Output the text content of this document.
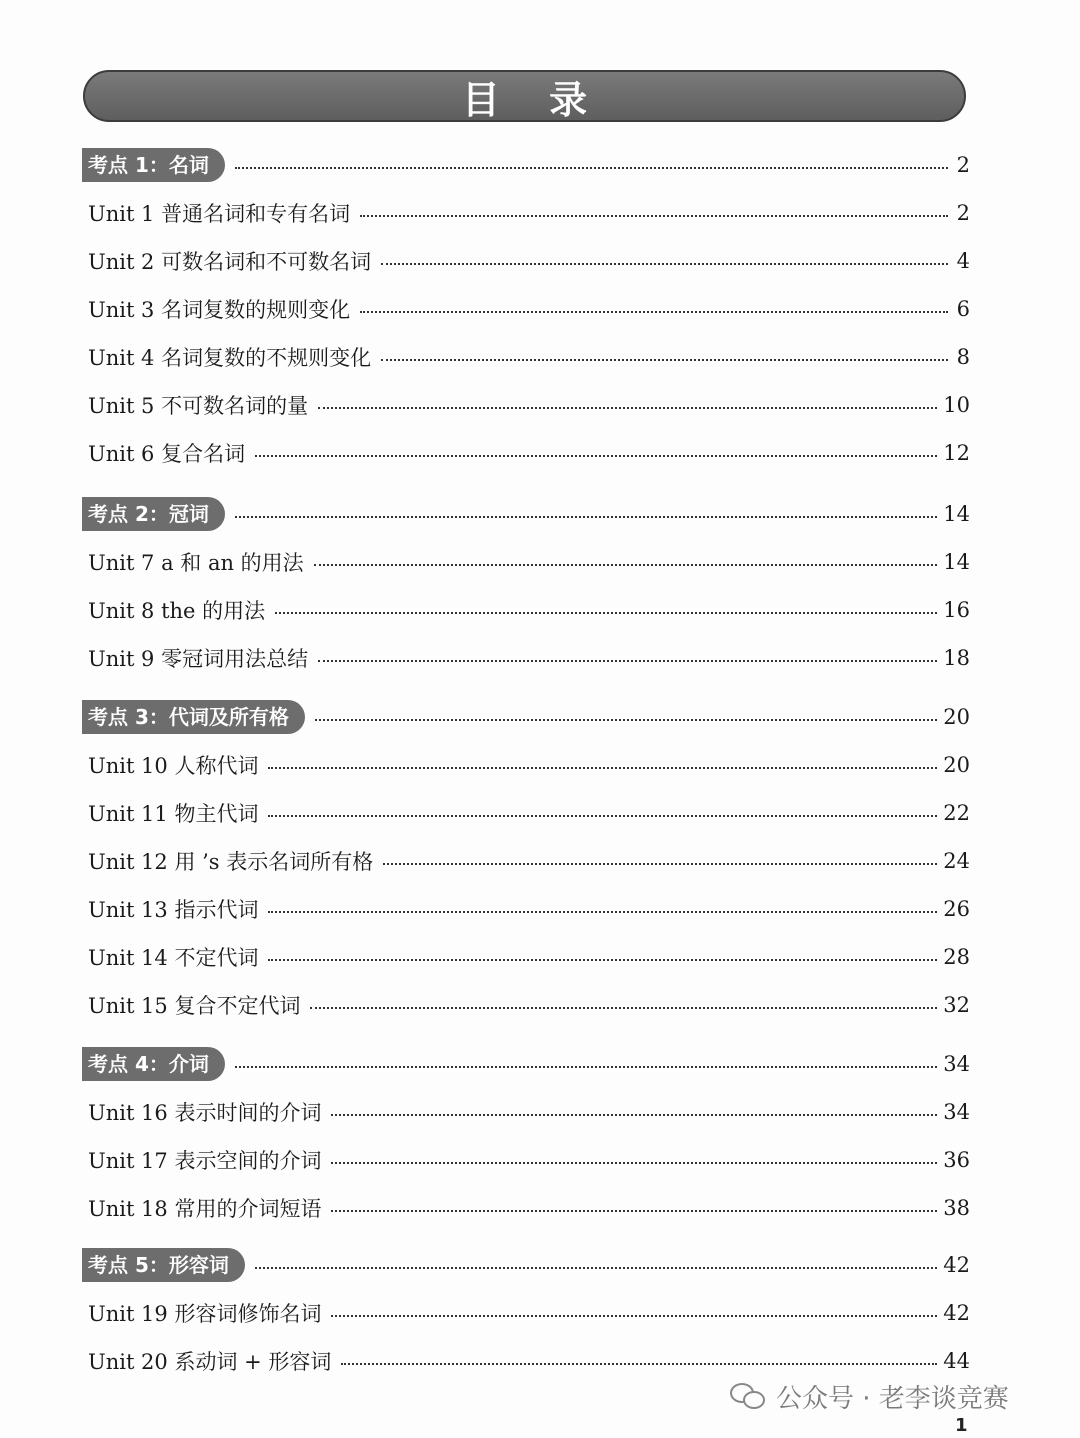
目 录
考点 1：名词	2
Unit 1 普通名词和专有名词	2
Unit 2 可数名词和不可数名词	4
Unit 3 名词复数的规则变化	6
Unit 4 名词复数的不规则变化	8
Unit 5 不可数名词的量	10
Unit 6 复合名词	12
考点 2：冠词	14
Unit 7 a 和 an 的用法	14
Unit 8 the 的用法	16
Unit 9 零冠词用法总结	18
考点 3：代词及所有格	20
Unit 10 人称代词	20
Unit 11 物主代词	22
Unit 12 用 ’s 表示名词所有格	24
Unit 13 指示代词	26
Unit 14 不定代词	28
Unit 15 复合不定代词	32
考点 4：介词	34
Unit 16 表示时间的介词	34
Unit 17 表示空间的介词	36
Unit 18 常用的介词短语	38
考点 5：形容词	42
Unit 19 形容词修饰名词	42
Unit 20 系动词 + 形容词	44
公众号 · 老李谈竞赛
1
